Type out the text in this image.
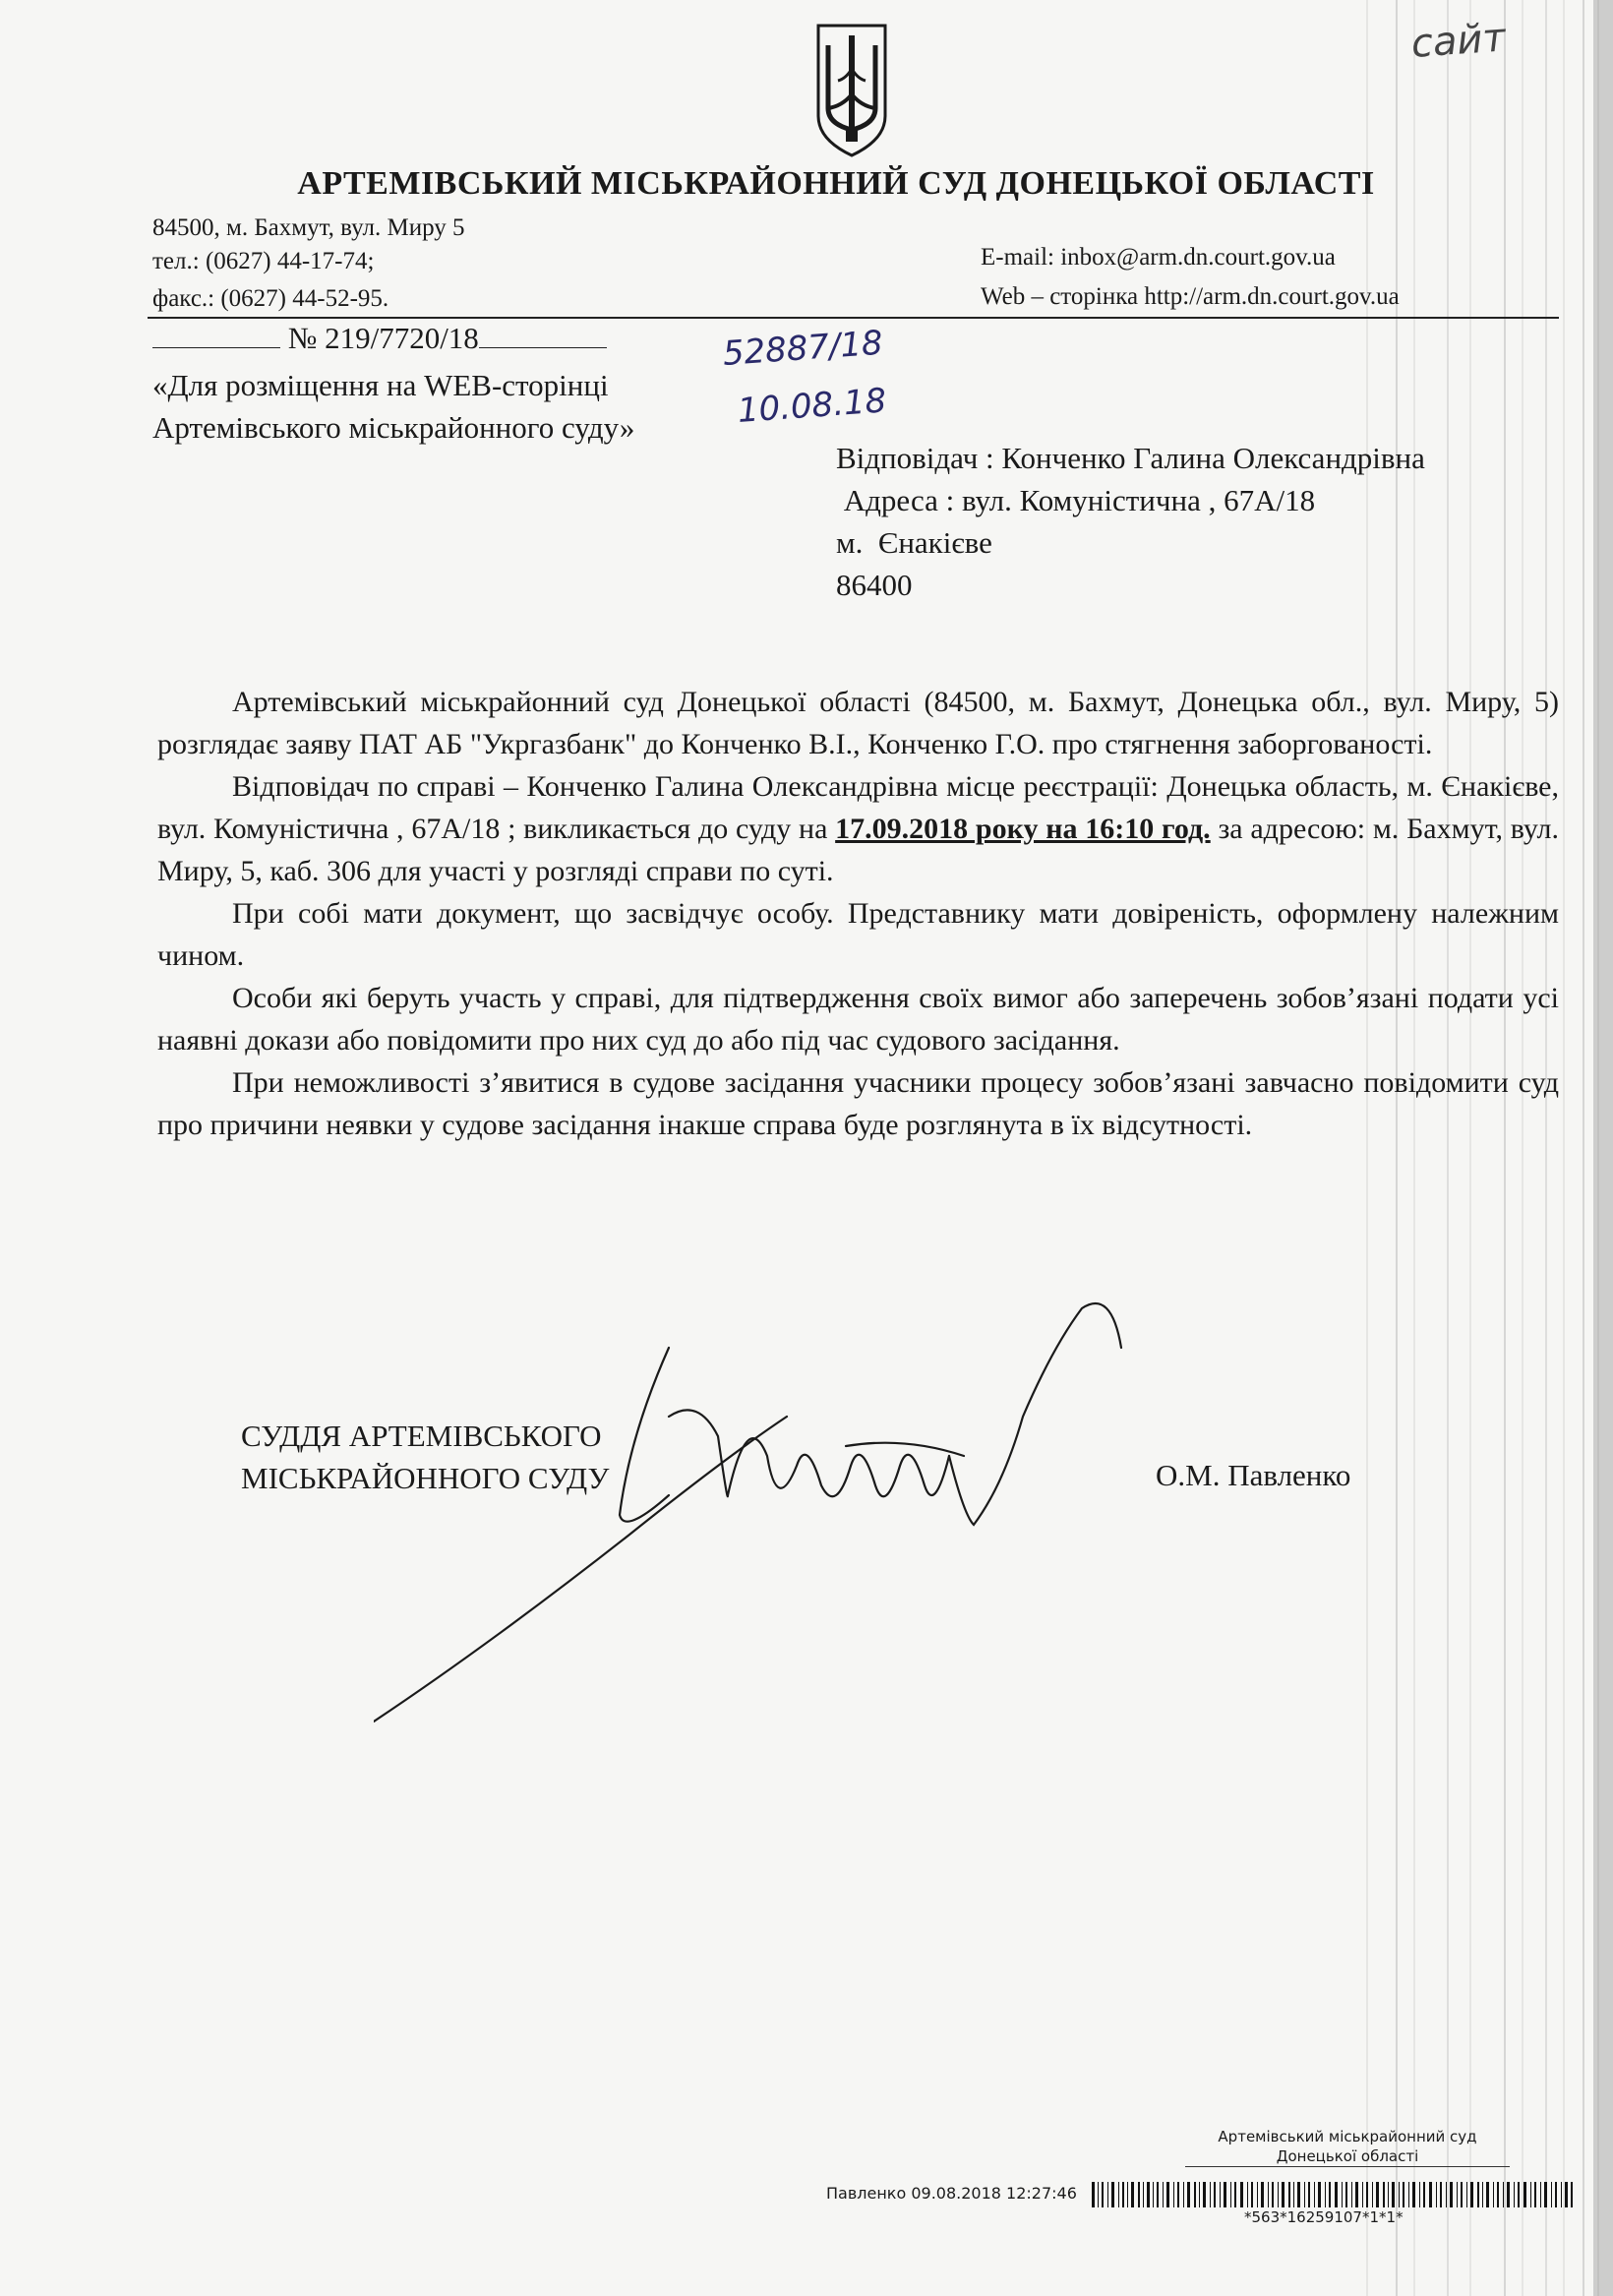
АРТЕМІВСЬКИЙ МІСЬКРАЙОННИЙ СУД ДОНЕЦЬКОЇ ОБЛАСТІ
84500, м. Бахмут, вул. Миру 5
тел.: (0627) 44-17-74;
факс.: (0627) 44-52-95.
E-mail: inbox@arm.dn.court.gov.ua
Web – сторінка http://arm.dn.court.gov.ua
№ 219/7720/18
«Для розміщення на WEB-сторінці
Артемівського міськрайонного суду»
52887/18
10.08.18
сайт
Відповідач : Конченко Галина Олександрівна
Адреса : вул. Комуністична , 67А/18
м.  Єнакієве
86400

Артемівський міськрайонний суд Донецької області (84500, м. Бахмут, Донецька обл., вул. Миру, 5) розглядає заяву ПАТ АБ "Укргазбанк" до Конченко В.І., Конченко Г.О. про стягнення заборгованості.

Відповідач по справі – Конченко Галина Олександрівна місце реєстрації: Донецька область, м. Єнакієве, вул. Комуністична , 67А/18 ; викликається до суду на 17.09.2018 року на 16:10 год. за адресою: м. Бахмут, вул. Миру, 5, каб. 306 для участі у розгляді справи по суті.

При собі мати документ, що засвідчує особу. Представнику мати довіреність, оформлену належним чином.

Особи які беруть участь у справі, для підтвердження своїх вимог або заперечень зобов’язані подати усі наявні докази або повідомити про них суд до або під час судового засідання.

При неможливості з’явитися в судове засідання учасники процесу зобов’язані завчасно повідомити суд про причини неявки у судове засідання інакше справа буде розглянута в їх відсутності.

СУДДЯ АРТЕМІВСЬКОГО
МІСЬКРАЙОННОГО СУДУ	О.М. Павленко
Артемівський міськрайонний суд
Донецької області
Павленко 09.08.2018 12:27:46
*563*16259107*1*1*
